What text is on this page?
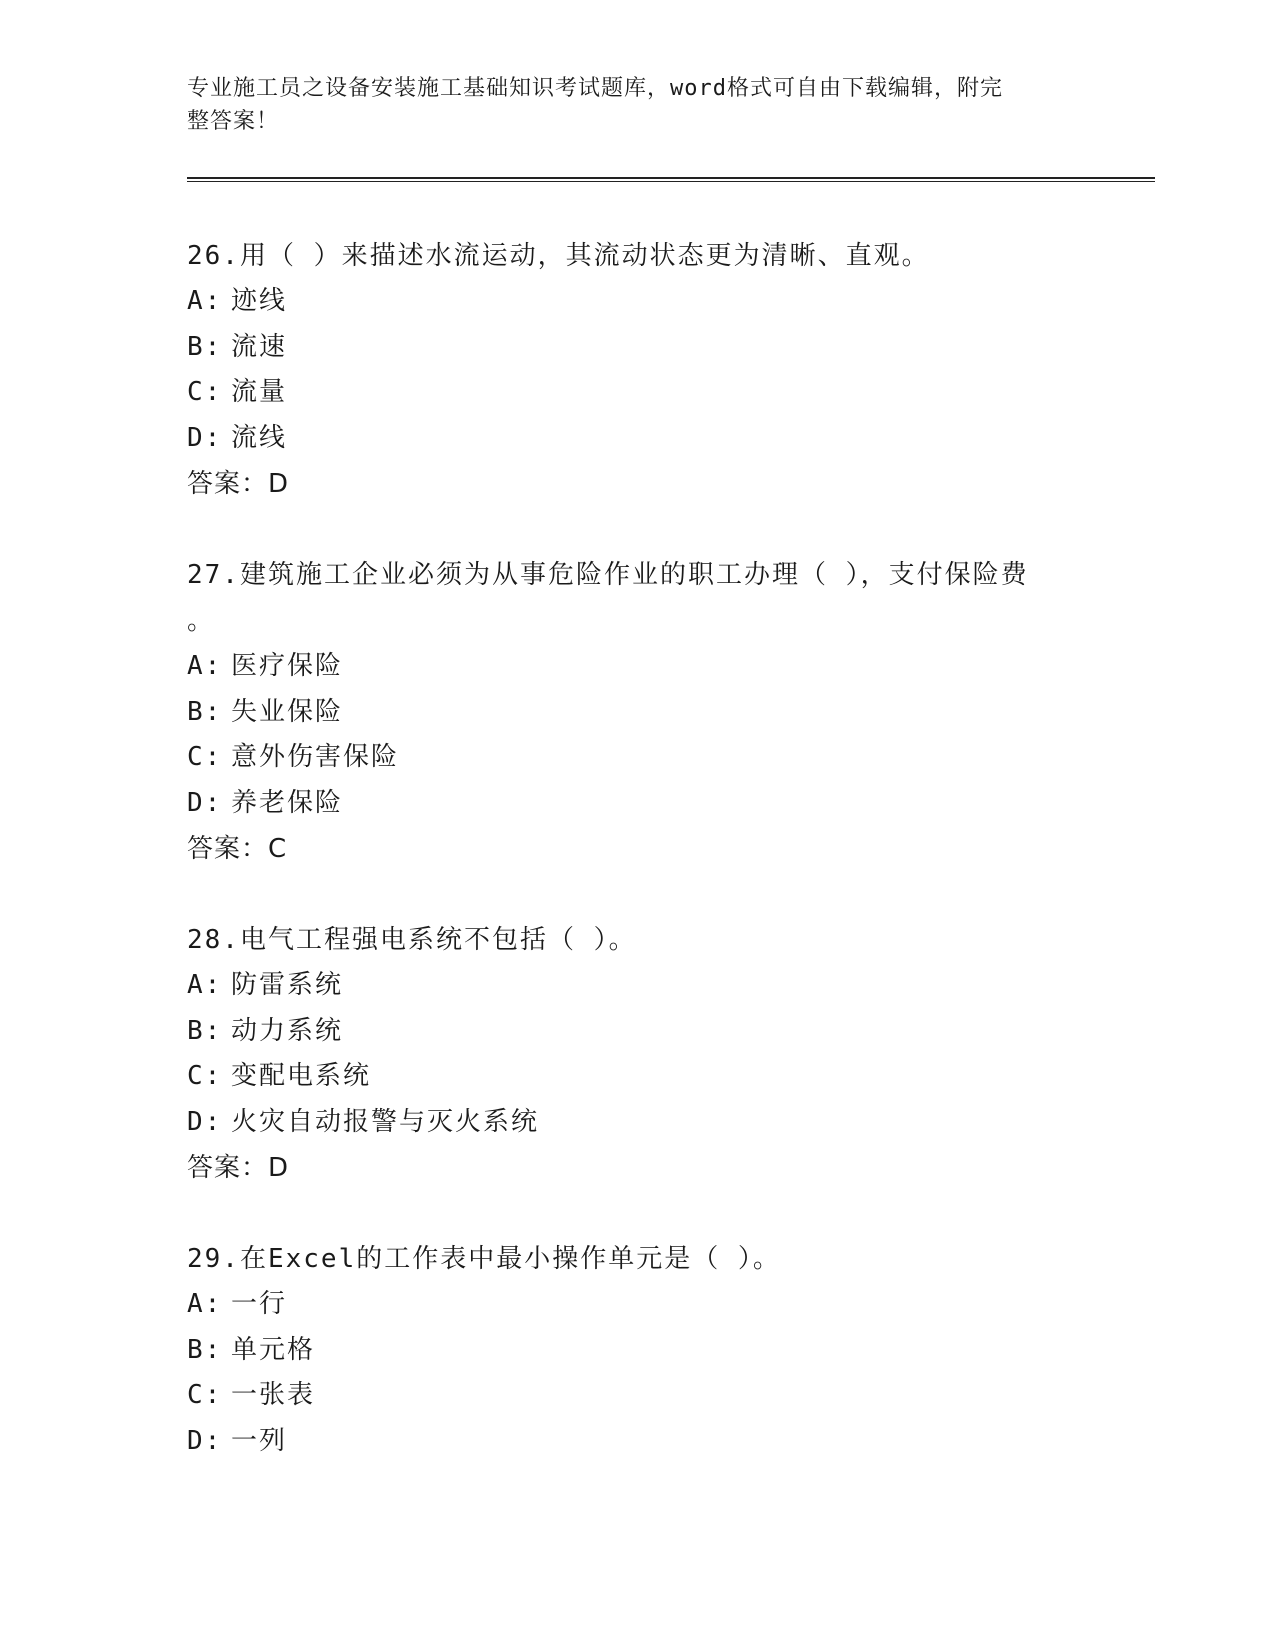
专业施工员之设备安装施工基础知识考试题库，word格式可自由下载编辑，附完
整答案！
26.用（ ）来描述水流运动，其流动状态更为清晰、直观。
A: 迹线
B: 流速
C: 流量
D: 流线
答案：D
27.建筑施工企业必须为从事危险作业的职工办理（ ），支付保险费
。
A: 医疗保险
B: 失业保险
C: 意外伤害保险
D: 养老保险
答案：C
28.电气工程强电系统不包括（ ）。
A: 防雷系统
B: 动力系统
C: 变配电系统
D: 火灾自动报警与灭火系统
答案：D
29.在Excel的工作表中最小操作单元是（ ）。
A: 一行
B: 单元格
C: 一张表
D: 一列
